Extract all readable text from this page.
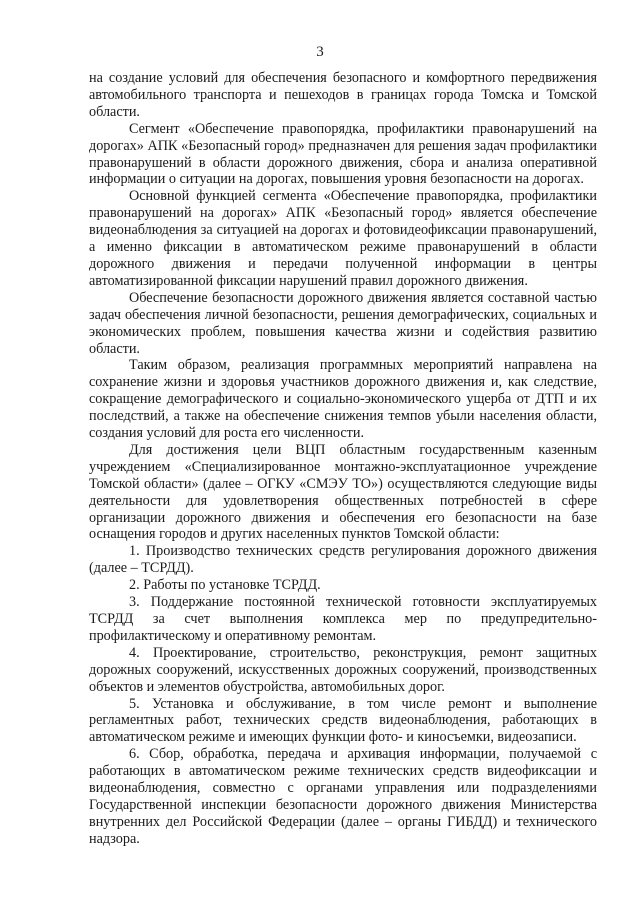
3

на создание условий для обеспечения безопасного и комфортного передвижения автомобильного транспорта и пешеходов в границах города Томска и Томской области.

Сегмент «Обеспечение правопорядка, профилактики правонарушений на дорогах» АПК «Безопасный город» предназначен для решения задач профилактики правонарушений в области дорожного движения, сбора и анализа оперативной информации о ситуации на дорогах, повышения уровня безопасности на дорогах.

Основной функцией сегмента «Обеспечение правопорядка, профилактики правонарушений на дорогах» АПК «Безопасный город» является обеспечение видеонаблюдения за ситуацией на дорогах и фотовидеофиксации правонарушений, а именно фиксации в автоматическом режиме правонарушений в области дорожного движения и передачи полученной информации в центры автоматизированной фиксации нарушений правил дорожного движения.

Обеспечение безопасности дорожного движения является составной частью задач обеспечения личной безопасности, решения демографических, социальных и экономических проблем, повышения качества жизни и содействия развитию области.

Таким образом, реализация программных мероприятий направлена на сохранение жизни и здоровья участников дорожного движения и, как следствие, сокращение демографического и социально-экономического ущерба от ДТП и их последствий, а также на обеспечение снижения темпов убыли населения области, создания условий для роста его численности.

Для достижения цели ВЦП областным государственным казенным учреждением «Специализированное монтажно-эксплуатационное учреждение Томской области» (далее – ОГКУ «СМЭУ ТО») осуществляются следующие виды деятельности для удовлетворения общественных потребностей в сфере организации дорожного движения и обеспечения его безопасности на базе оснащения городов и других населенных пунктов Томской области:

1. Производство технических средств регулирования дорожного движения (далее – ТСРДД).

2. Работы по установке ТСРДД.

3. Поддержание постоянной технической готовности эксплуатируемых ТСРДД за счет выполнения комплекса мер по предупредительно-профилактическому и оперативному ремонтам.

4. Проектирование, строительство, реконструкция, ремонт защитных дорожных сооружений, искусственных дорожных сооружений, производственных объектов и элементов обустройства, автомобильных дорог.

5. Установка и обслуживание, в том числе ремонт и выполнение регламентных работ, технических средств видеонаблюдения, работающих в автоматическом режиме и имеющих функции фото- и киносъемки, видеозаписи.

6. Сбор, обработка, передача и архивация информации, получаемой с работающих в автоматическом режиме технических средств видеофиксации и видеонаблюдения, совместно с органами управления или подразделениями Государственной инспекции безопасности дорожного движения Министерства внутренних дел Российской Федерации (далее – органы ГИБДД) и технического надзора.
